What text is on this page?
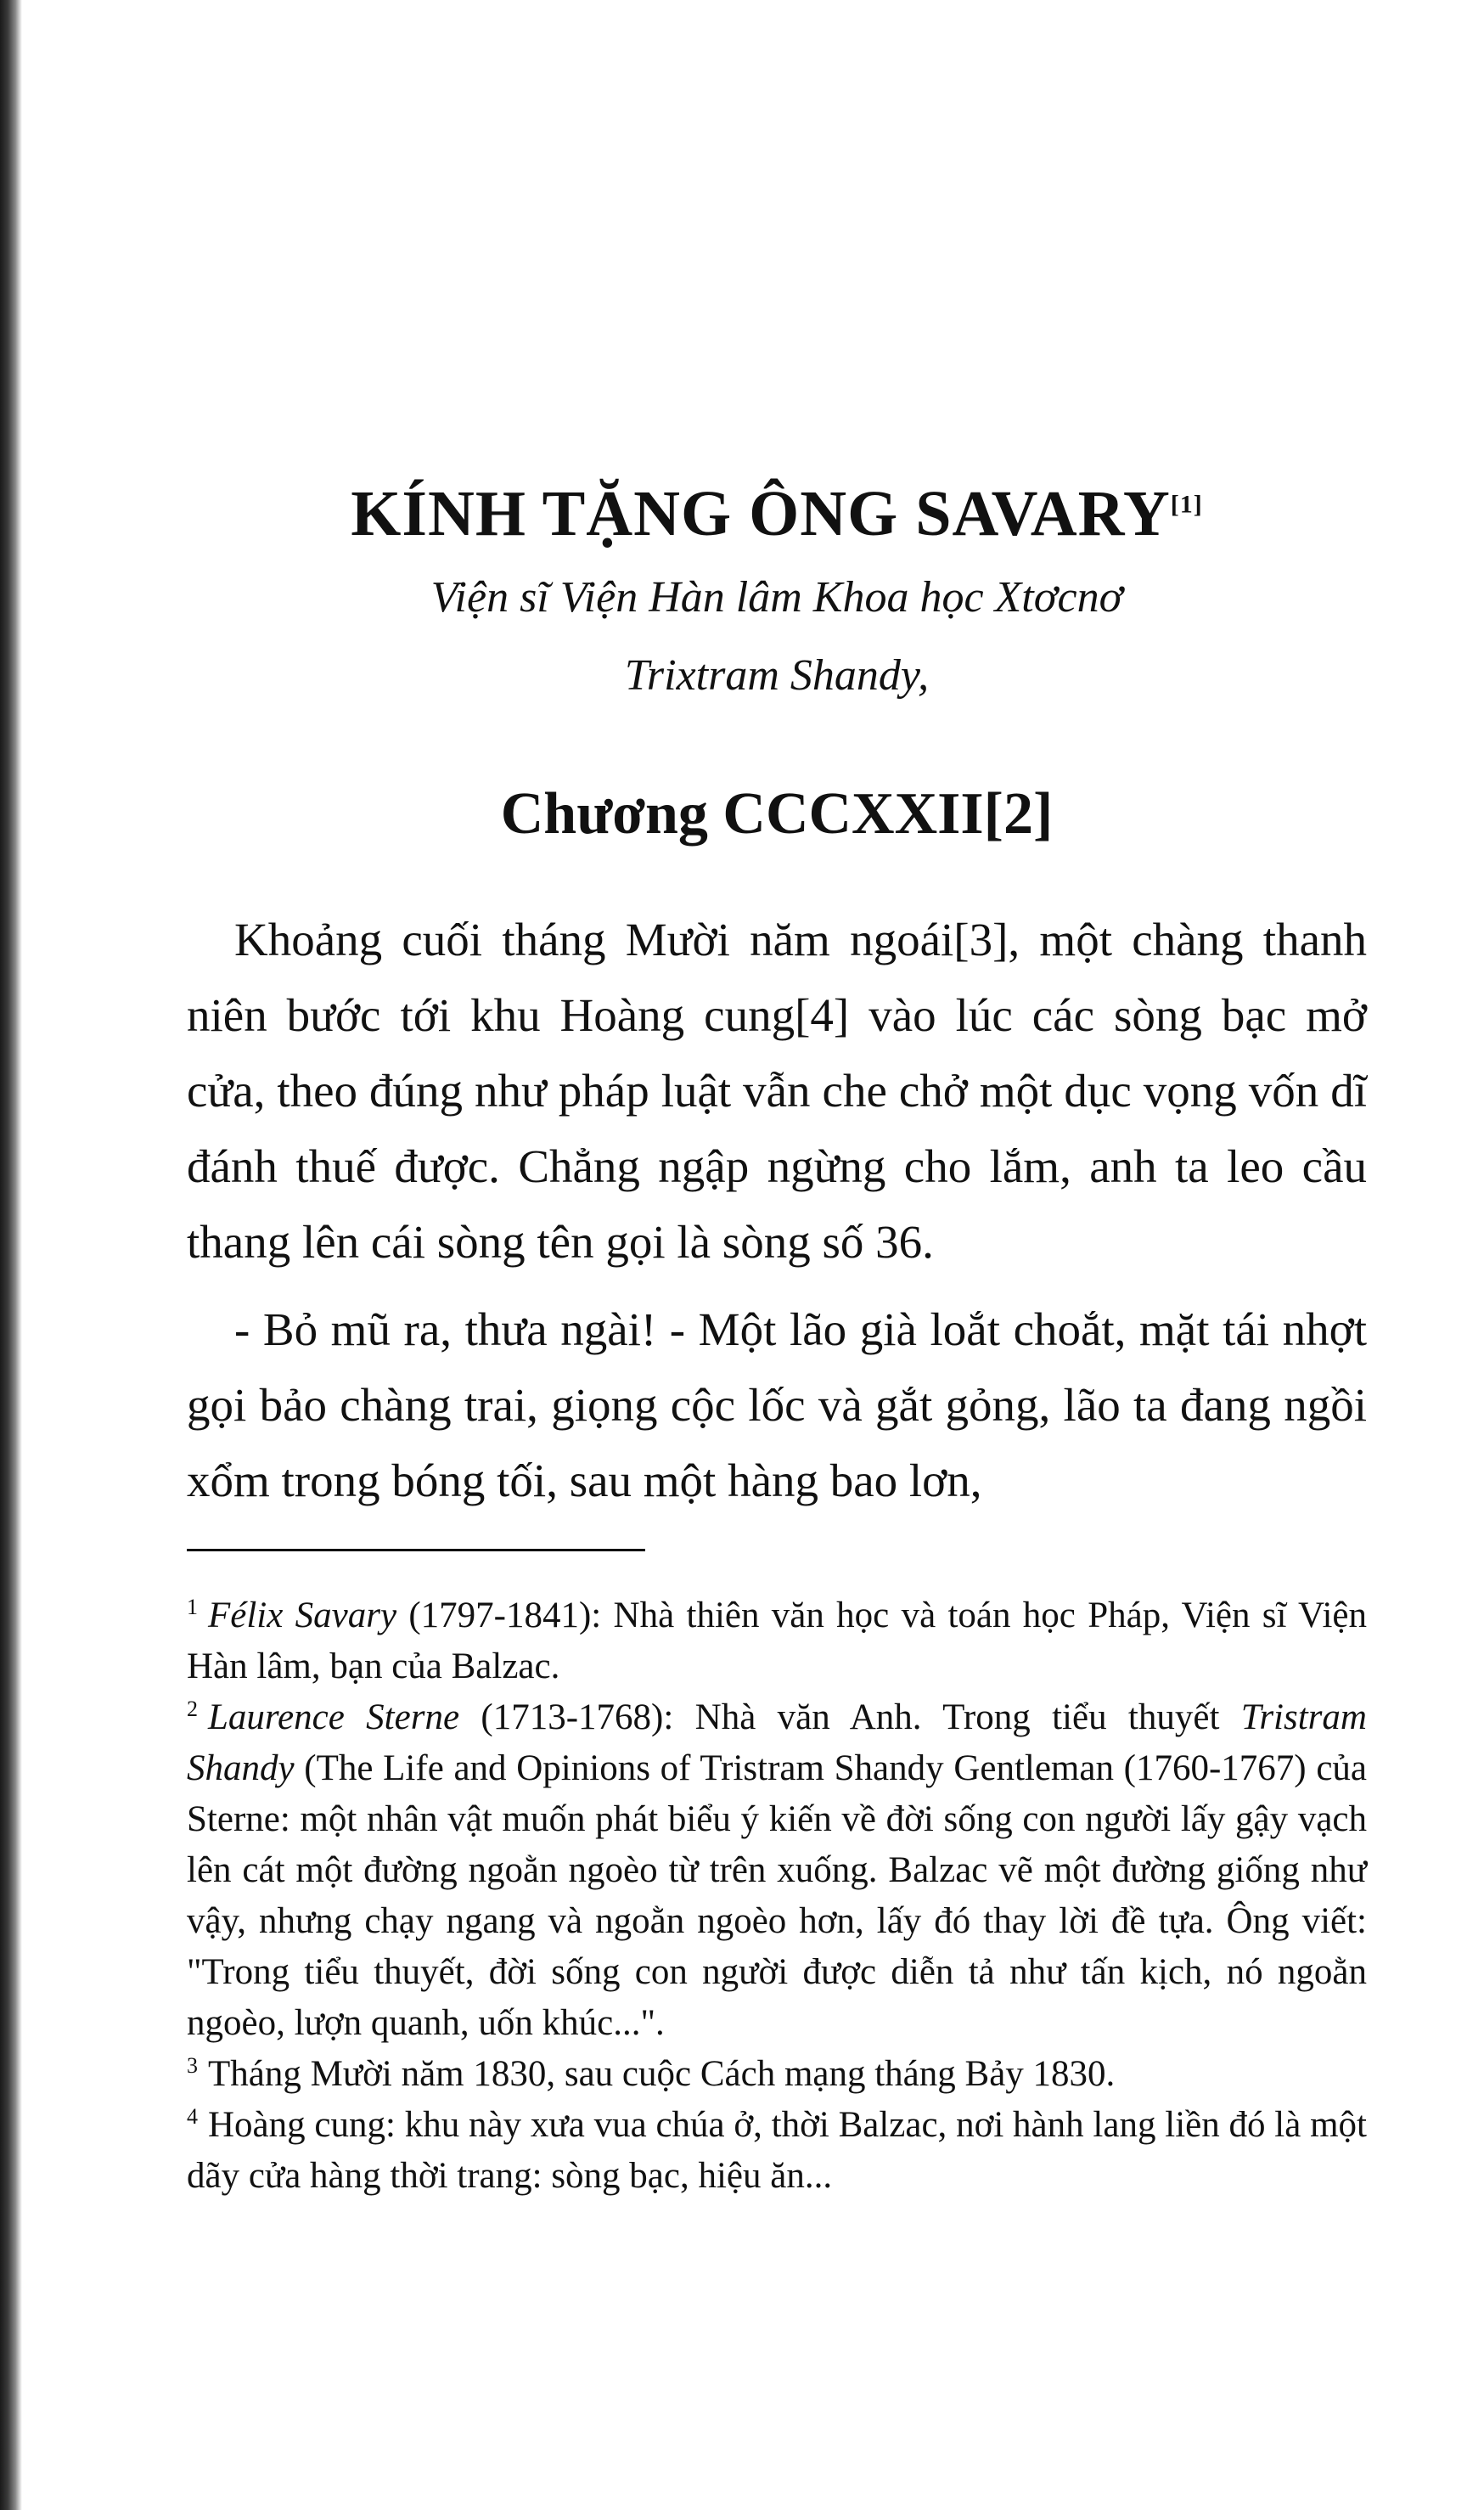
KÍNH TẶNG ÔNG SAVARY[1]

Viện sĩ Viện Hàn lâm Khoa học Xtơcnơ
Trixtram Shandy,

Chương CCCXXII[2]

Khoảng cuối tháng Mười năm ngoái[3], một chàng thanh niên bước tới khu Hoàng cung[4] vào lúc các sòng bạc mở cửa, theo đúng như pháp luật vẫn che chở một dục vọng vốn dĩ đánh thuế được. Chẳng ngập ngừng cho lắm, anh ta leo cầu thang lên cái sòng tên gọi là sòng số 36.

- Bỏ mũ ra, thưa ngài! - Một lão già loắt choắt, mặt tái nhợt gọi bảo chàng trai, giọng cộc lốc và gắt gỏng, lão ta đang ngồi xổm trong bóng tối, sau một hàng bao lơn,

$^1$ Félix Savary (1797-1841): Nhà thiên văn học và toán học Pháp, Viện sĩ Viện Hàn lâm, bạn của Balzac.

$^2$ Laurence Sterne (1713-1768): Nhà văn Anh. Trong tiểu thuyết Tristram Shandy (The Life and Opinions of Tristram Shandy Gentleman (1760-1767) của Sterne: một nhân vật muốn phát biểu ý kiến về đời sống con người lấy gậy vạch lên cát một đường ngoằn ngoèo từ trên xuống. Balzac vẽ một đường giống như vậy, nhưng chạy ngang và ngoằn ngoèo hơn, lấy đó thay lời đề tựa. Ông viết: "Trong tiểu thuyết, đời sống con người được diễn tả như tấn kịch, nó ngoằn ngoèo, lượn quanh, uốn khúc...".

$^3$ Tháng Mười năm 1830, sau cuộc Cách mạng tháng Bảy 1830.

$^4$ Hoàng cung: khu này xưa vua chúa ở, thời Balzac, nơi hành lang liền đó là một dãy cửa hàng thời trang: sòng bạc, hiệu ăn...
